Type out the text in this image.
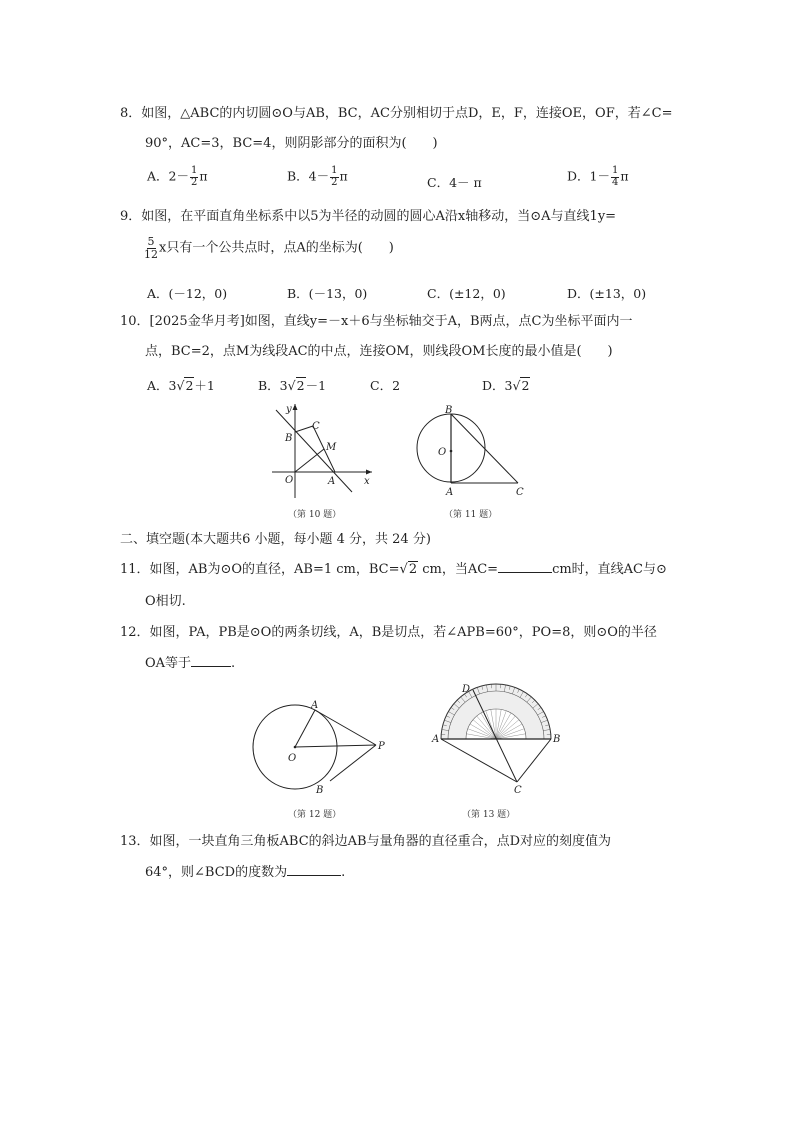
8．如图，△ABC的内切圆⊙O与AB，BC，AC分别相切于点D，E，F，连接OE，OF，若∠C=
90°，AC=3，BC=4，则阴影部分的面积为(　　)
A．$2- \frac{1}{2}$ π	B．$4- \frac{1}{2}$ π	C．4－ π	D．$1- \frac{1}{4}$ π
9．如图，在平面直角坐标系中以5为半径的动圆的圆心A沿x轴移动，当⊙A与直线1y=
$\frac{5}{12}$ x只有一个公共点时，点A的坐标为(　　)
A．(－12，0)	B．(－13，0)	C．(±12，0)	D．(±13，0)
10．[2025金华月考]如图，直线y=－x＋6与坐标轴交于A，B两点，点C为坐标平面内一
点，BC=2，点M为线段AC的中点，连接OM，则线段OM长度的最小值是(　　)
A．3√2＋1	B．3√2－1	C．2	D．3√2
y
x
B
C
M
O	A
（第 10 题）
B
O
A	C
（第 11 题）
二、填空题(本大题共6 小题，每小题 4 分，共 24 分)
11．如图，AB为⊙O的直径，AB=1 cm，BC=√2 cm，当AC=	cm时，直线AC与⊙
O相切.
12．如图，PA，PB是⊙O的两条切线，A，B是切点，若∠APB=60°，PO=8，则⊙O的半径
OA等于	.
A
O
P
B
（第 12 题）
D
A	B
C
（第 13 题）
13．如图，一块直角三角板ABC的斜边AB与量角器的直径重合，点D对应的刻度值为
64°，则∠BCD的度数为	.
